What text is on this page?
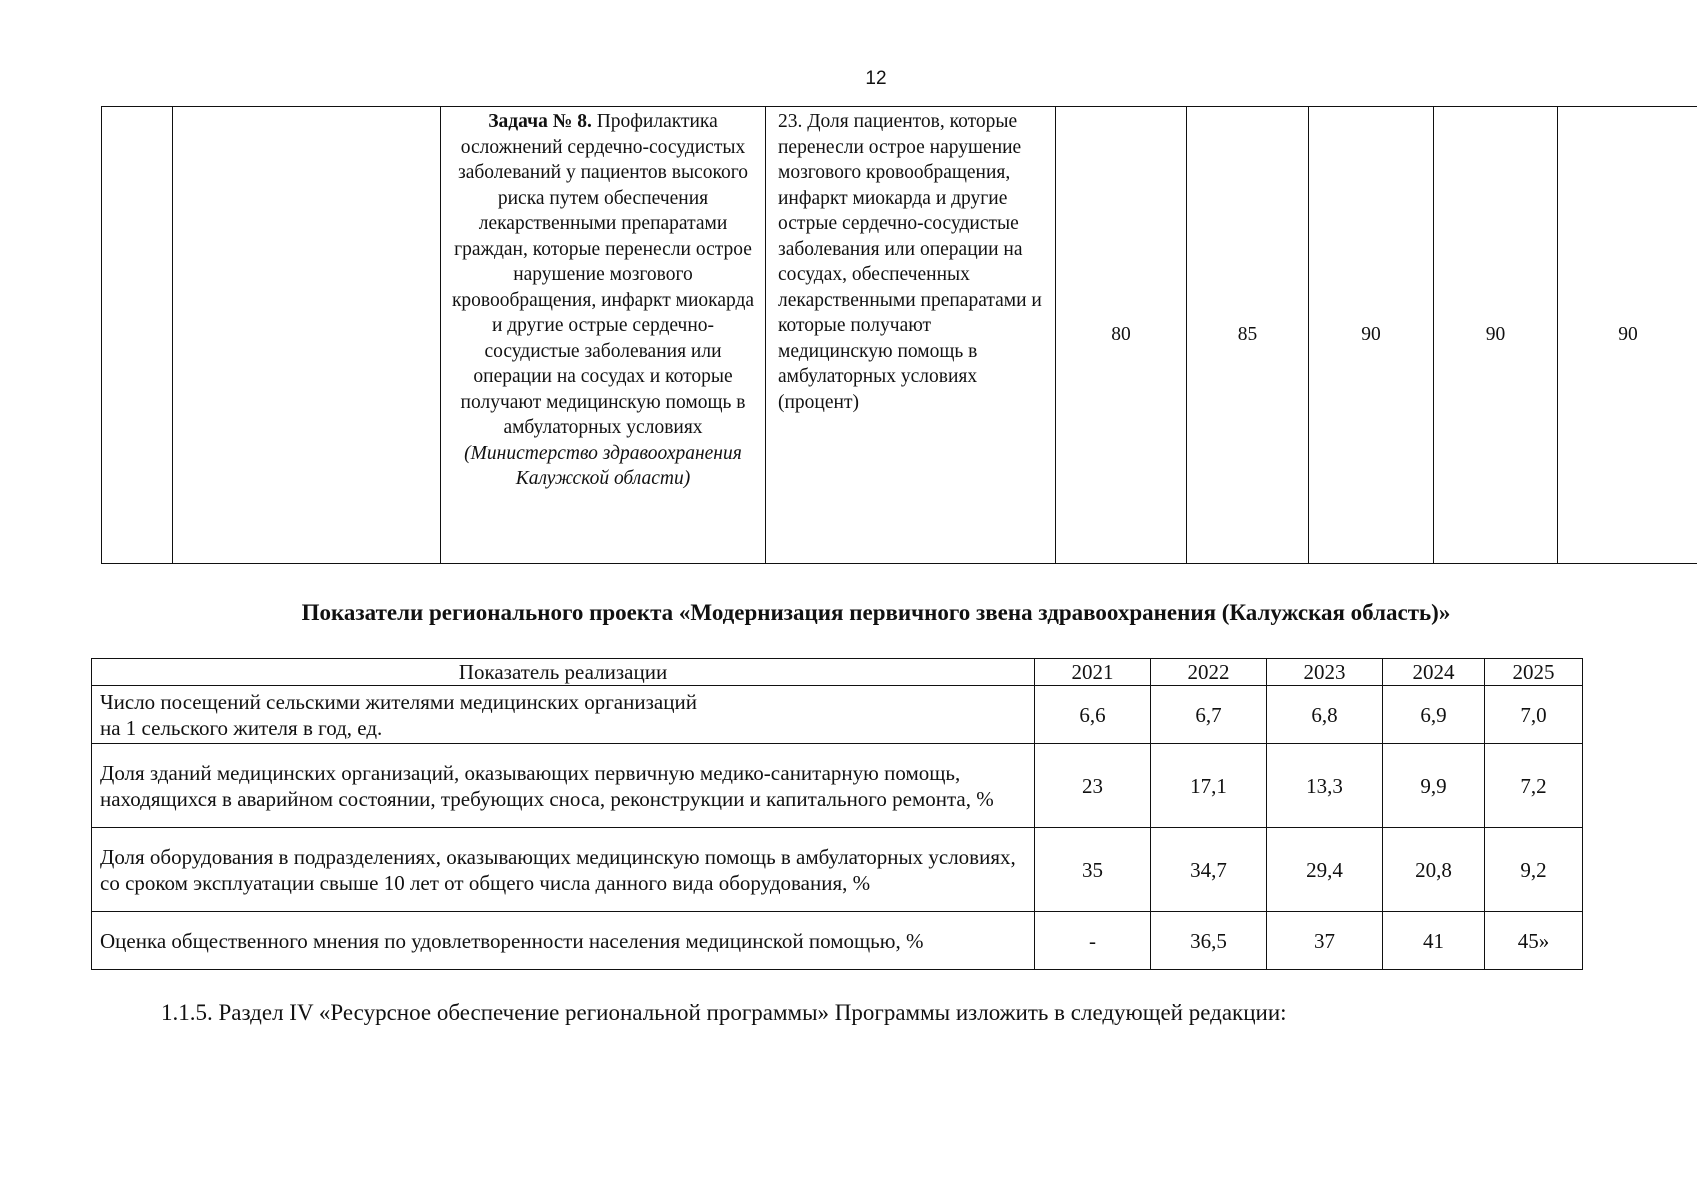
12
		Задача № 8. Профилактика осложнений сердечно-сосудистых заболеваний у пациентов высокого риска путем обеспечения лекарственными препаратами граждан, которые перенесли острое нарушение мозгового кровообращения, инфаркт миокарда и другие острые сердечно-сосудистые заболевания или операции на сосудах и которые получают медицинскую помощь в амбулаторных условиях (Министерство здравоохранения Калужской области)	23. Доля пациентов, которые перенесли острое нарушение мозгового кровообращения, инфаркт миокарда и другие острые сердечно-сосудистые заболевания или операции на сосудах, обеспеченных лекарственными препаратами и которые получают медицинскую помощь в амбулаторных условиях (процент)	80	85	90	90	90
Показатели регионального проекта «Модернизация первичного звена здравоохранения (Калужская область)»
Показатель реализации	2021	2022	2023	2024	2025
Число посещений сельскими жителями медицинских организаций
на 1 сельского жителя в год, ед.	6,6	6,7	6,8	6,9	7,0
Доля зданий медицинских организаций, оказывающих первичную медико-санитарную помощь, находящихся в аварийном состоянии, требующих сноса, реконструкции и капитального ремонта, %	23	17,1	13,3	9,9	7,2
Доля оборудования в подразделениях, оказывающих медицинскую помощь в амбулаторных условиях, со сроком эксплуатации свыше 10 лет от общего числа данного вида оборудования, %	35	34,7	29,4	20,8	9,2
Оценка общественного мнения по удовлетворенности населения медицинской помощью, %	-	36,5	37	41	45»
1.1.5. Раздел IV «Ресурсное обеспечение региональной программы» Программы изложить в следующей редакции:
